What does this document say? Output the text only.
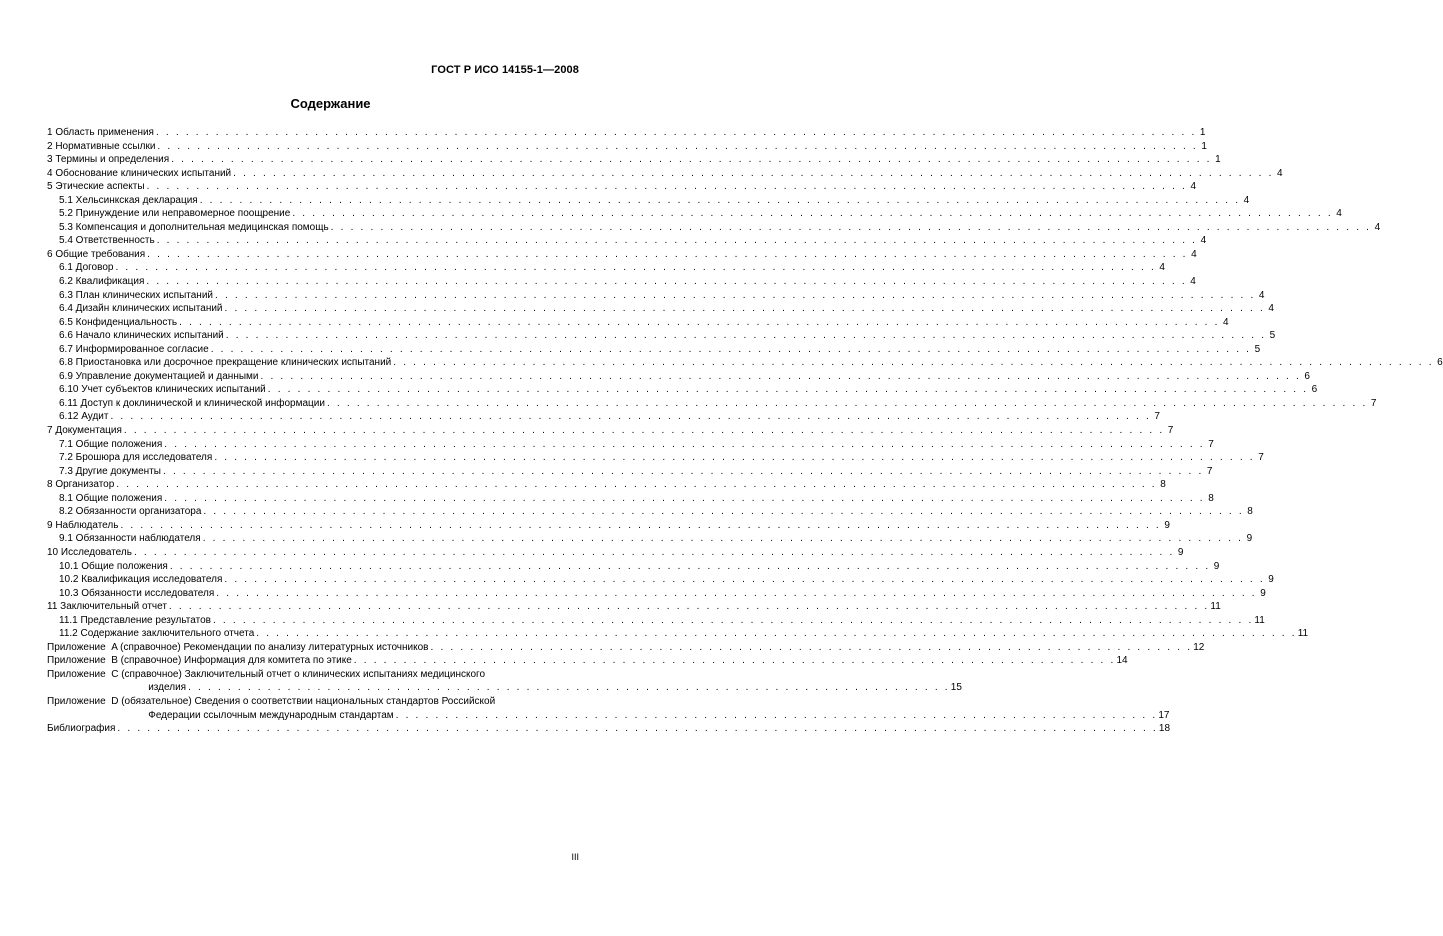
ГОСТ Р ИСО 14155-1—2008
Содержание
1 Область применения . . .	1
2 Нормативные ссылки . . .	1
3 Термины и определения . . .	1
4 Обоснование клинических испытаний . . .	4
5 Этические аспекты . . .	4
5.1 Хельсинкская декларация . . .	4
5.2 Принуждение или неправомерное поощрение . . .	4
5.3 Компенсация и дополнительная медицинская помощь . . .	4
5.4 Ответственность . . .	4
6 Общие требования . . .	4
6.1 Договор . . .	4
6.2 Квалификация . . .	4
6.3 План клинических испытаний . . .	4
6.4 Дизайн клинических испытаний . . .	4
6.5 Конфиденциальность . . .	4
6.6 Начало клинических испытаний . . .	5
6.7 Информированное согласие . . .	5
6.8 Приостановка или досрочное прекращение клинических испытаний . . .	6
6.9 Управление документацией и данными . . .	6
6.10 Учет субъектов клинических испытаний . . .	6
6.11 Доступ к доклинической и клинической информации . . .	7
6.12 Аудит . . .	7
7 Документация . . .	7
7.1 Общие положения . . .	7
7.2 Брошюра для исследователя . . .	7
7.3 Другие документы . . .	7
8 Организатор . . .	8
8.1 Общие положения . . .	8
8.2 Обязанности организатора . . .	8
9 Наблюдатель . . .	9
9.1 Обязанности наблюдателя . . .	9
10 Исследователь . . .	9
10.1 Общие положения . . .	9
10.2 Квалификация исследователя . . .	9
10.3 Обязанности исследователя . . .	9
11 Заключительный отчет . . .	11
11.1 Представление результатов . . .	11
11.2 Содержание заключительного отчета . . .	11
Приложение  A (справочное) Рекомендации по анализу литературных источников . . .	12
Приложение  B (справочное) Информация для комитета по этике . . .	14
Приложение  C (справочное) Заключительный отчет о клинических испытаниях медицинского
изделия . . .	15
Приложение  D (обязательное) Сведения о соответствии национальных стандартов Российской
Федерации ссылочным международным стандартам . . .	17
Библиография . . .	18
III
